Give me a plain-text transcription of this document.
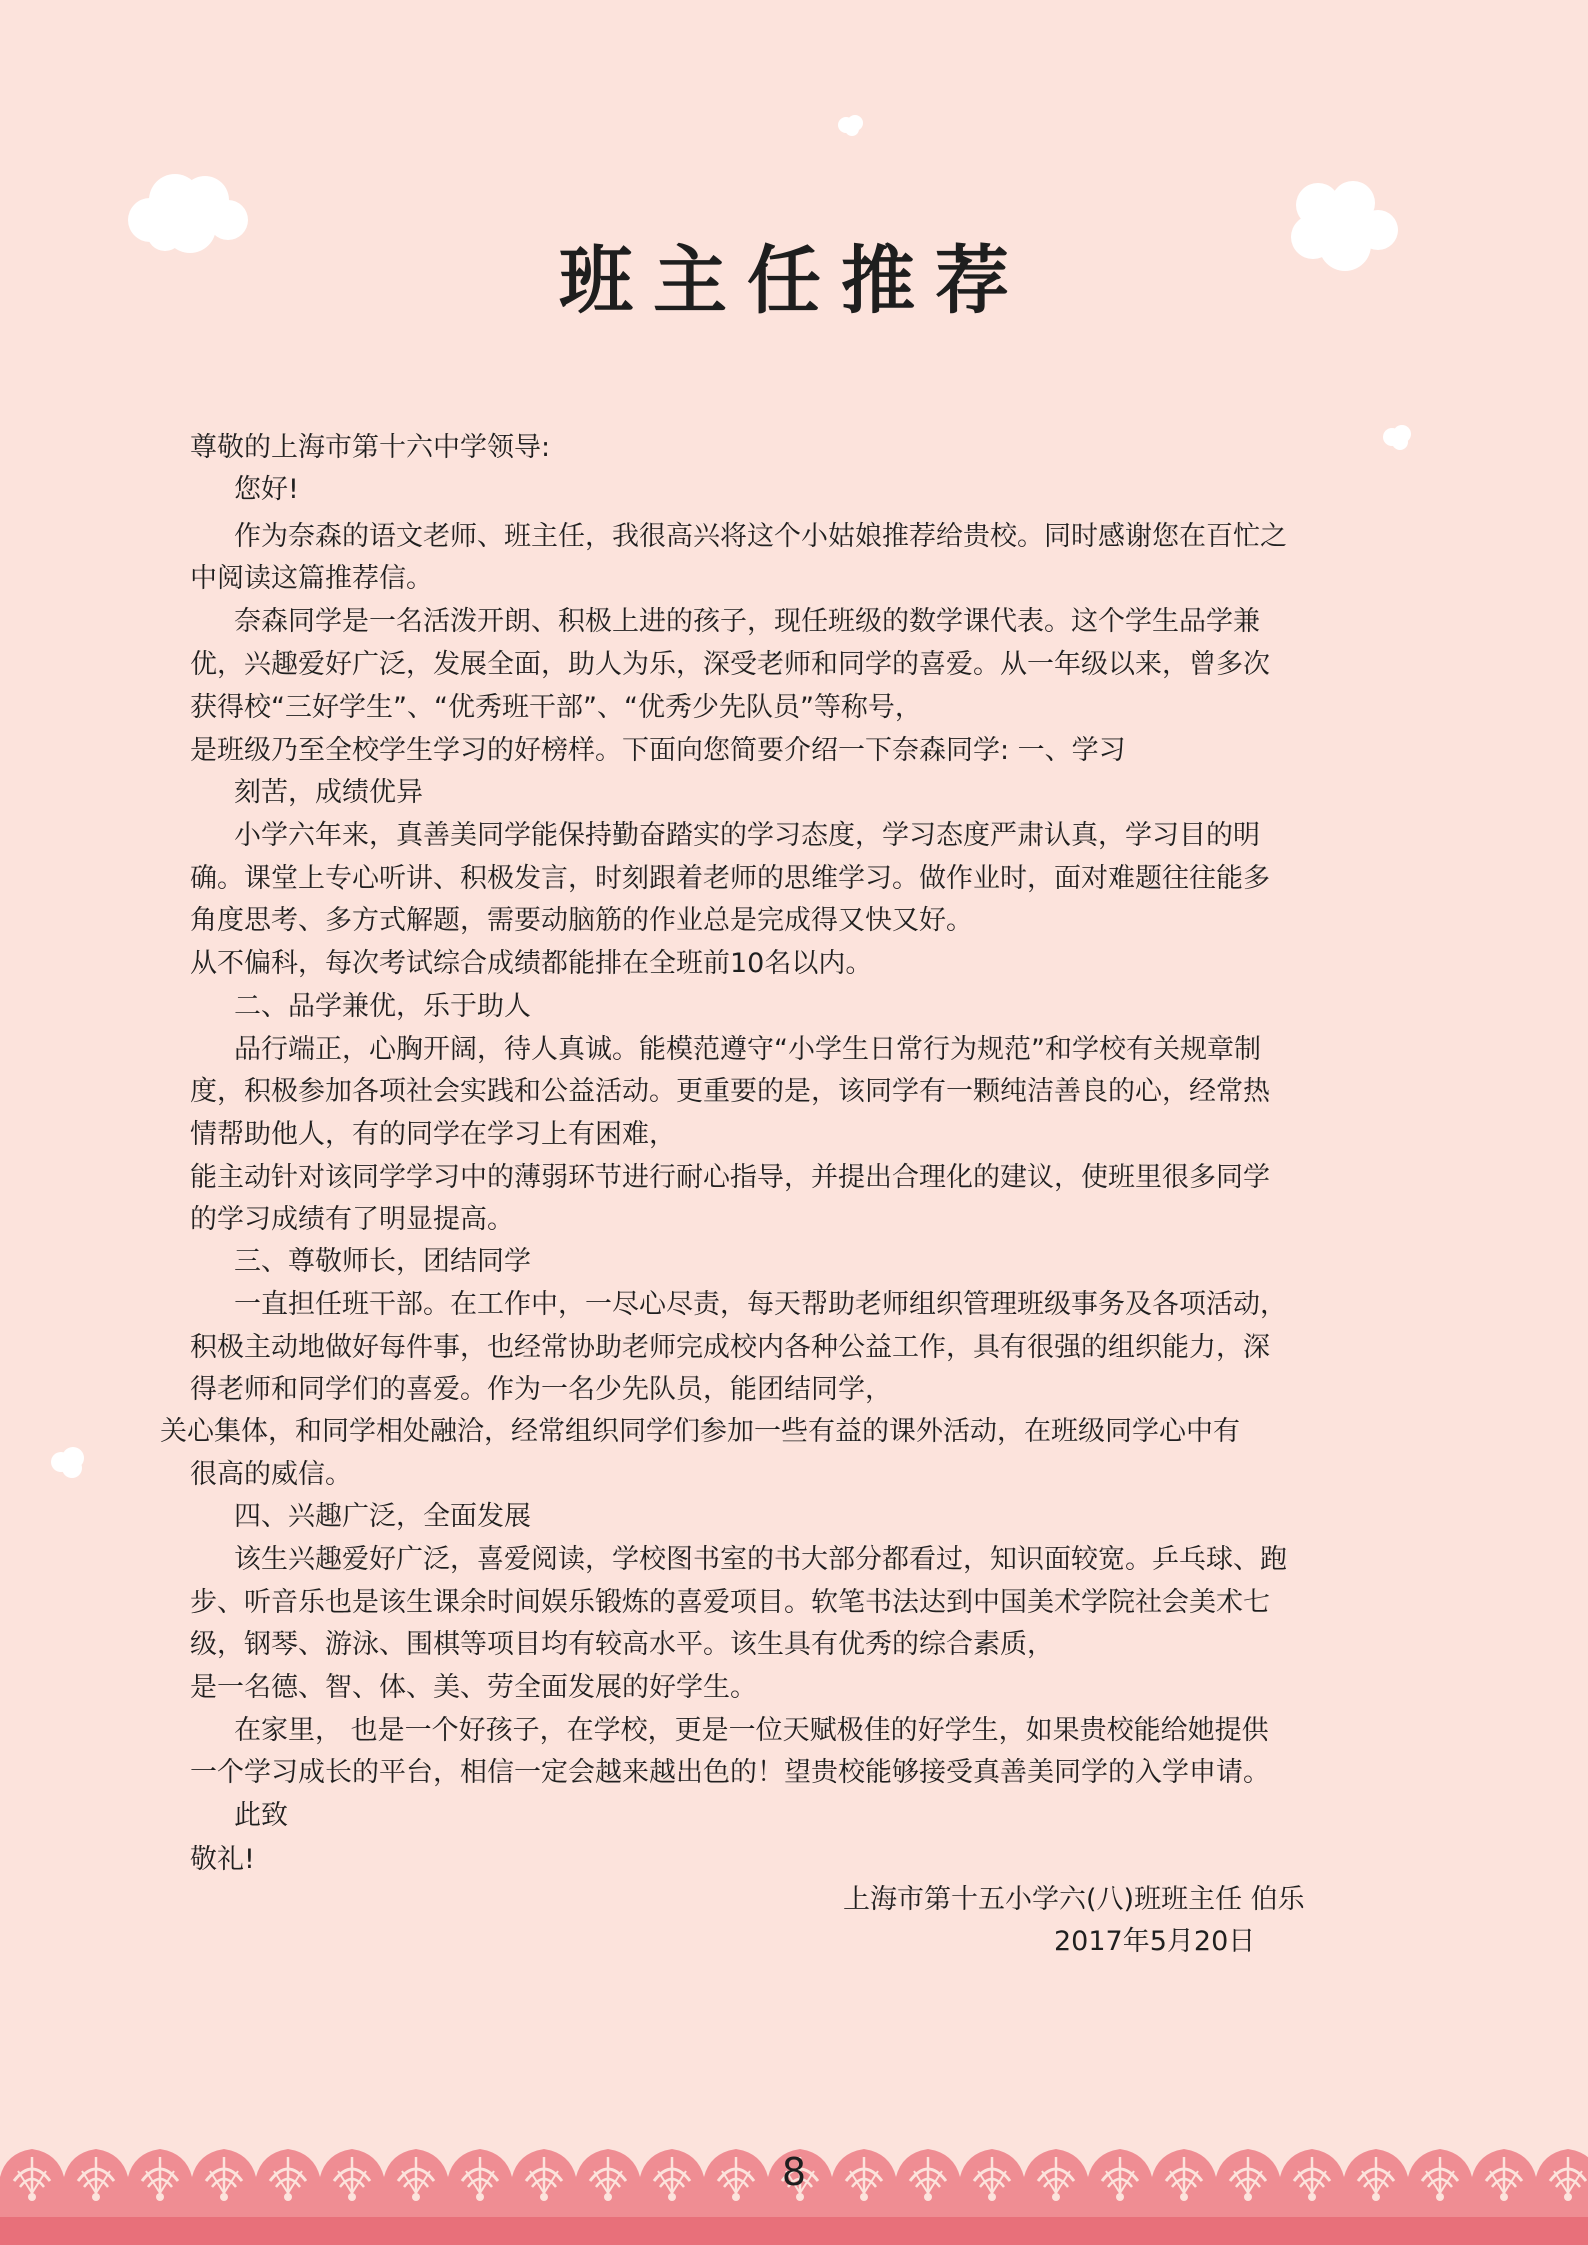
班主任推荐

尊敬的上海市第十六中学领导:

您好!

作为奈森的语文老师、班主任，我很高兴将这个小姑娘推荐给贵校。同时感谢您在百忙之

中阅读这篇推荐信。

奈森同学是一名活泼开朗、积极上进的孩子，现任班级的数学课代表。这个学生品学兼

优，兴趣爱好广泛，发展全面，助人为乐，深受老师和同学的喜爱。从一年级以来，曾多次

获得校“三好学生”、“优秀班干部”、“优秀少先队员”等称号，

是班级乃至全校学生学习的好榜样。下面向您简要介绍一下奈森同学: 一、学习

刻苦，成绩优异

小学六年来，真善美同学能保持勤奋踏实的学习态度，学习态度严肃认真，学习目的明

确。课堂上专心听讲、积极发言，时刻跟着老师的思维学习。做作业时，面对难题往往能多

角度思考、多方式解题，需要动脑筋的作业总是完成得又快又好。

从不偏科，每次考试综合成绩都能排在全班前10名以内。

二、品学兼优，乐于助人

品行端正，心胸开阔，待人真诚。能模范遵守“小学生日常行为规范”和学校有关规章制

度，积极参加各项社会实践和公益活动。更重要的是，该同学有一颗纯洁善良的心，经常热

情帮助他人，有的同学在学习上有困难，

能主动针对该同学学习中的薄弱环节进行耐心指导，并提出合理化的建议，使班里很多同学

的学习成绩有了明显提高。

三、尊敬师长，团结同学

一直担任班干部。在工作中，一尽心尽责，每天帮助老师组织管理班级事务及各项活动，

积极主动地做好每件事，也经常协助老师完成校内各种公益工作，具有很强的组织能力，深

得老师和同学们的喜爱。作为一名少先队员，能团结同学，

关心集体，和同学相处融洽，经常组织同学们参加一些有益的课外活动，在班级同学心中有

很高的威信。

四、兴趣广泛，全面发展

该生兴趣爱好广泛，喜爱阅读，学校图书室的书大部分都看过，知识面较宽。乒乓球、跑

步、听音乐也是该生课余时间娱乐锻炼的喜爱项目。软笔书法达到中国美术学院社会美术七

级，钢琴、游泳、围棋等项目均有较高水平。该生具有优秀的综合素质，

是一名德、智、体、美、劳全面发展的好学生。

在家里， 也是一个好孩子，在学校，更是一位天赋极佳的好学生，如果贵校能给她提供

一个学习成长的平台，相信一定会越来越出色的！望贵校能够接受真善美同学的入学申请。

此致

敬礼!

上海市第十五小学六(八)班班主任 伯乐

2017年5月20日

8
